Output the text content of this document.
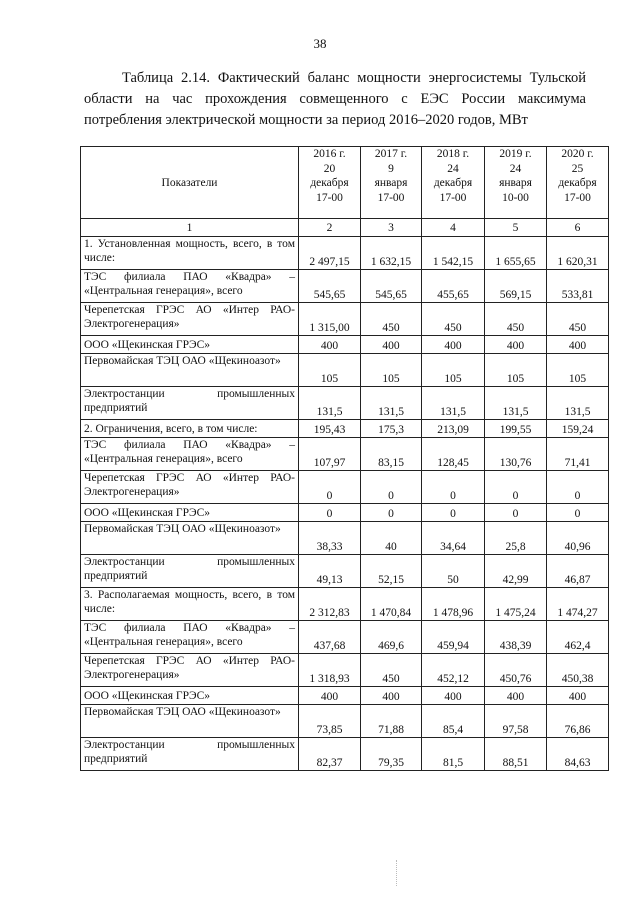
38
Таблица 2.14. Фактический баланс мощности энергосистемы Тульской области на час прохождения совмещенного с ЕЭС России максимума потребления электрической мощности за период 2016–2020 годов, МВт
Показатели	2016 г.
20
декабря
17-00	2017 г.
9
января
17-00	2018 г.
24
декабря
17-00	2019 г.
24
января
10-00	2020 г.
25
декабря
17-00

1	2	3	4	5	6
1. Установленная мощность, всего, в том числе:	2 497,15	1 632,15	1 542,15	1 655,65	1 620,31
ТЭС филиала ПАО «Квадра» – «Центральная генерация», всего	545,65	545,65	455,65	569,15	533,81
Черепетская ГРЭС АО «Интер РАО-Электрогенерация»	1 315,00	450	450	450	450
ООО «Щекинская ГРЭС»	400	400	400	400	400
Первомайская ТЭЦ ОАО «Щекиноазот»	105	105	105	105	105
Электростанции промышленных предприятий	131,5	131,5	131,5	131,5	131,5
2. Ограничения, всего, в том числе:	195,43	175,3	213,09	199,55	159,24
ТЭС филиала ПАО «Квадра» – «Центральная генерация», всего	107,97	83,15	128,45	130,76	71,41
Черепетская ГРЭС АО «Интер РАО-Электрогенерация»	0	0	0	0	0
ООО «Щекинская ГРЭС»	0	0	0	0	0
Первомайская ТЭЦ ОАО «Щекиноазот»	38,33	40	34,64	25,8	40,96
Электростанции промышленных предприятий	49,13	52,15	50	42,99	46,87
3. Располагаемая мощность, всего, в том числе:	2 312,83	1 470,84	1 478,96	1 475,24	1 474,27
ТЭС филиала ПАО «Квадра» – «Центральная генерация», всего	437,68	469,6	459,94	438,39	462,4
Черепетская ГРЭС АО «Интер РАО-Электрогенерация»	1 318,93	450	452,12	450,76	450,38
ООО «Щекинская ГРЭС»	400	400	400	400	400
Первомайская ТЭЦ ОАО «Щекиноазот»	73,85	71,88	85,4	97,58	76,86
Электростанции промышленных предприятий	82,37	79,35	81,5	88,51	84,63
